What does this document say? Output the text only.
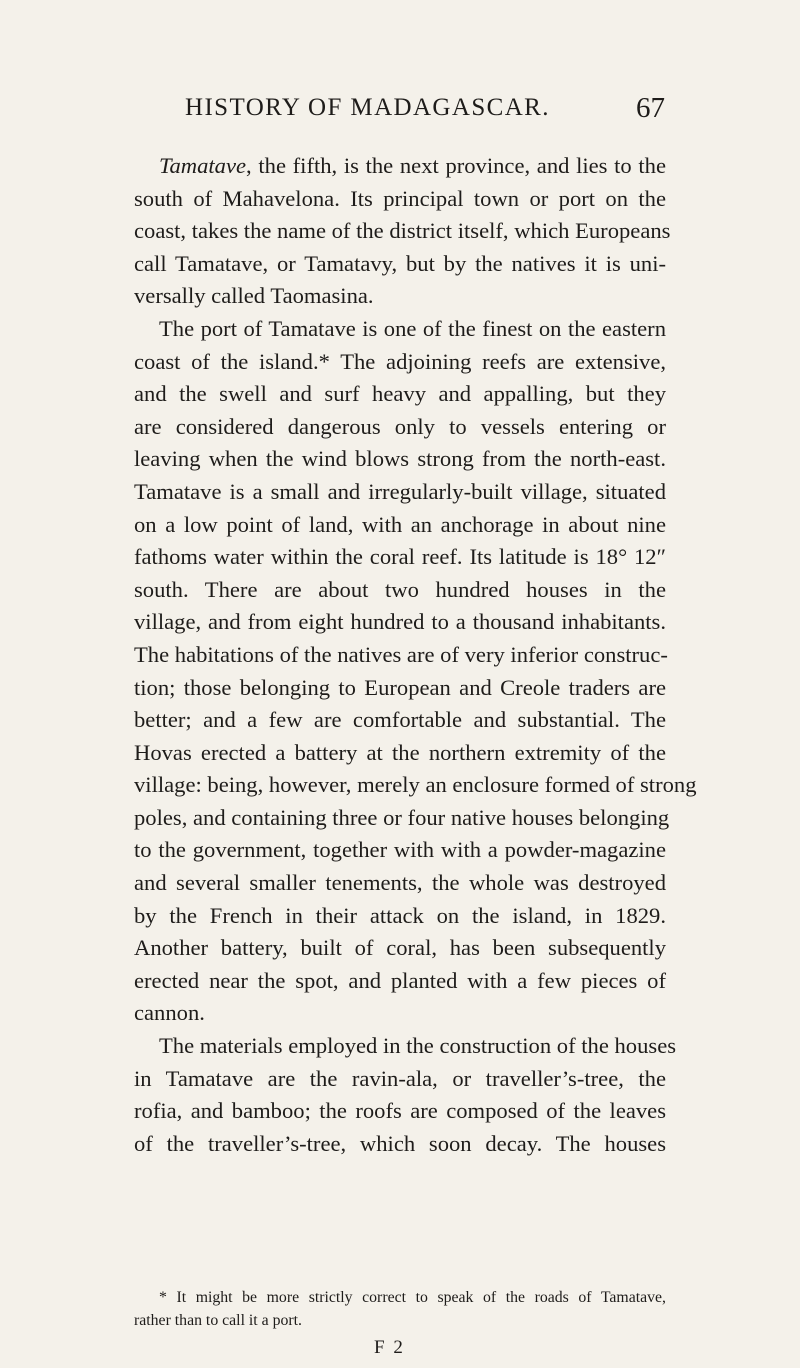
HISTORY OF MADAGASCAR.	67
Tamatave, the fifth, is the next province, and lies to the
south of Mahavelona. Its principal town or port on the
coast, takes the name of the district itself, which Europeans
call Tamatave, or Tamatavy, but by the natives it is uni-
versally called Taomasina.
The port of Tamatave is one of the finest on the eastern
coast of the island.* The adjoining reefs are extensive,
and the swell and surf heavy and appalling, but they
are considered dangerous only to vessels entering or
leaving when the wind blows strong from the north-east.
Tamatave is a small and irregularly-built village, situated
on a low point of land, with an anchorage in about nine
fathoms water within the coral reef. Its latitude is 18° 12″
south. There are about two hundred houses in the
village, and from eight hundred to a thousand inhabitants.
The habitations of the natives are of very inferior construc-
tion; those belonging to European and Creole traders are
better; and a few are comfortable and substantial. The
Hovas erected a battery at the northern extremity of the
village: being, however, merely an enclosure formed of strong
poles, and containing three or four native houses belonging
to the government, together with with a powder-magazine
and several smaller tenements, the whole was destroyed
by the French in their attack on the island, in 1829.
Another battery, built of coral, has been subsequently
erected near the spot, and planted with a few pieces of
cannon.
The materials employed in the construction of the houses
in Tamatave are the ravin-ala, or traveller’s-tree, the
rofia, and bamboo; the roofs are composed of the leaves
of the traveller’s-tree, which soon decay. The houses
* It might be more strictly correct to speak of the roads of Tamatave,
rather than to call it a port.
F 2
